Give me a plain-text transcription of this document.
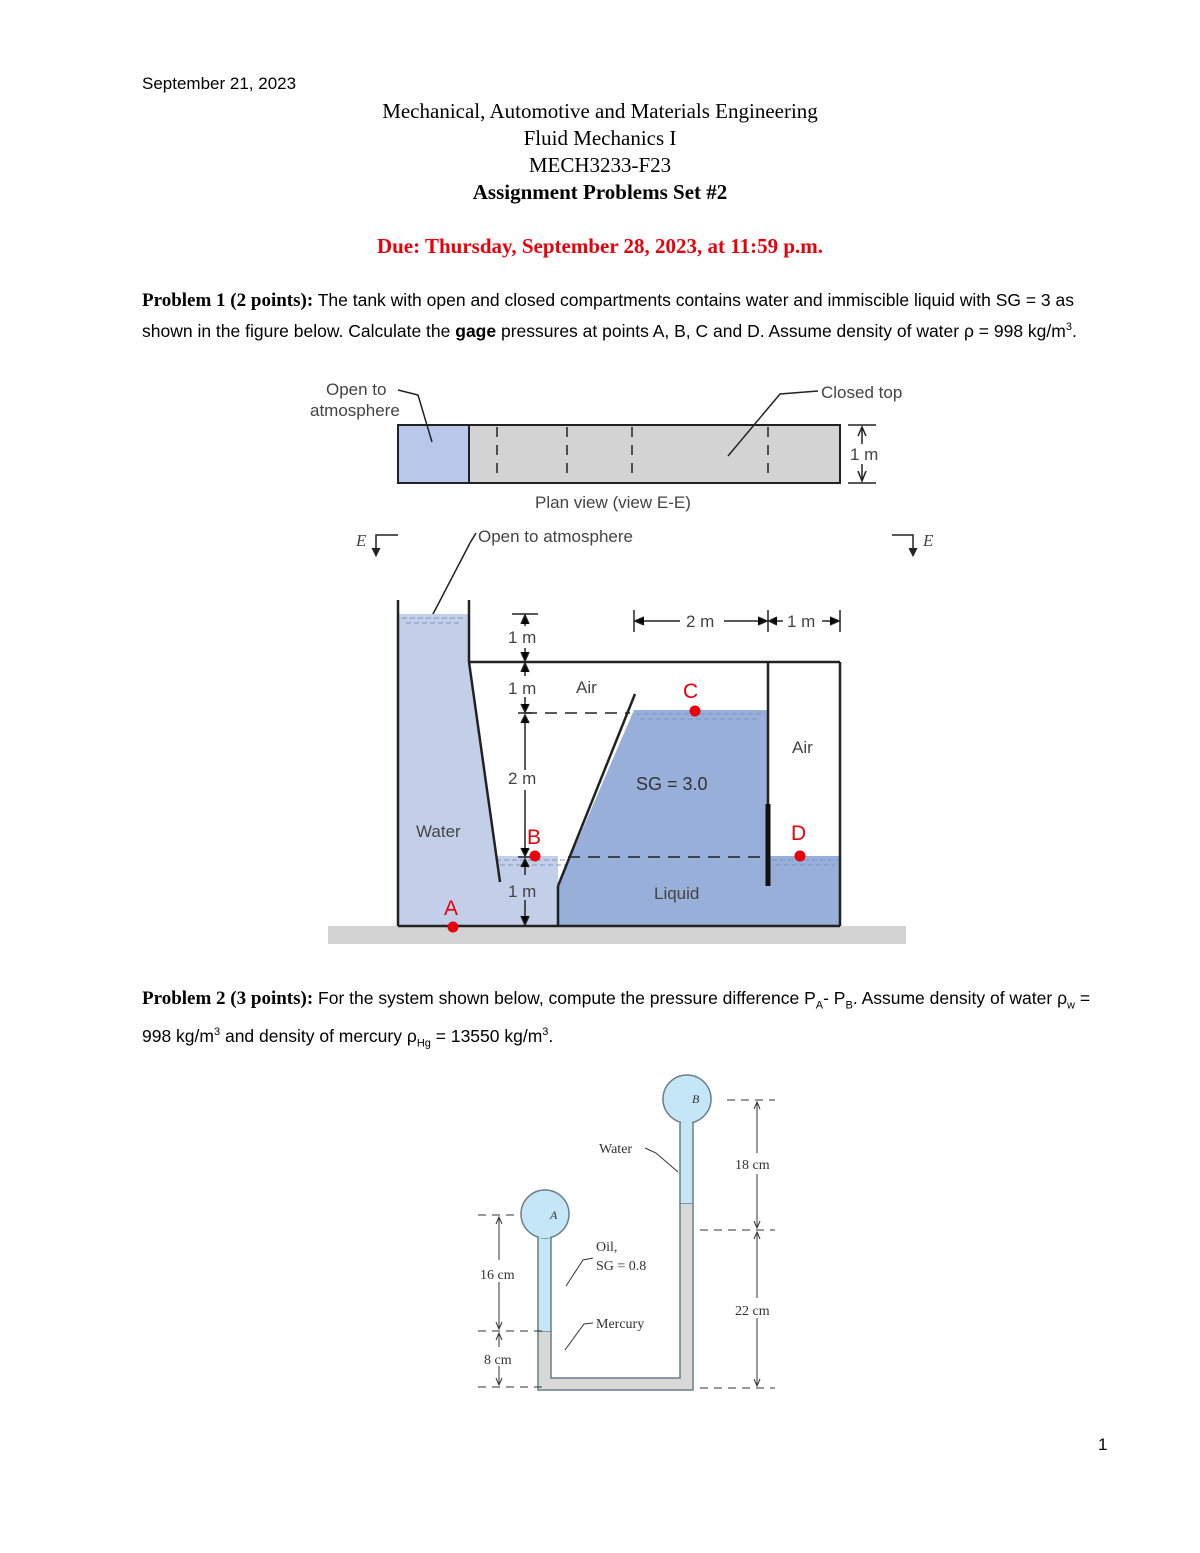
September 21, 2023
Mechanical, Automotive and Materials Engineering
Fluid Mechanics I
MECH3233-F23
Assignment Problems Set #2
Due: Thursday, September 28, 2023, at 11:59 p.m.
Problem 1 (2 points): The tank with open and closed compartments contains water and immiscible liquid with SG = 3 as shown in the figure below. Calculate the gage pressures at points A, B, C and D. Assume density of water ρ = 998 $kg/m^3$.
Open to
atmosphere
Closed top
1 m
Plan view (view E-E)
E	E
Open to atmosphere
1 m
1 m
2 m
1 m
2 m	1 m
Air
Air
SG = 3.0
Water
Liquid
A
B
C
D
Problem 2 (3 points): For the system shown below, compute the pressure difference $P_A-$ $P_B$. Assume density of water $\rho_w = 998$ $kg/m^3$ and density of mercury $\rho_{Hg} = 13550$ $kg/m^3$.
B
A
Water
Oil,
SG = 0.8
Mercury
18 cm
22 cm
16 cm
8 cm
1
